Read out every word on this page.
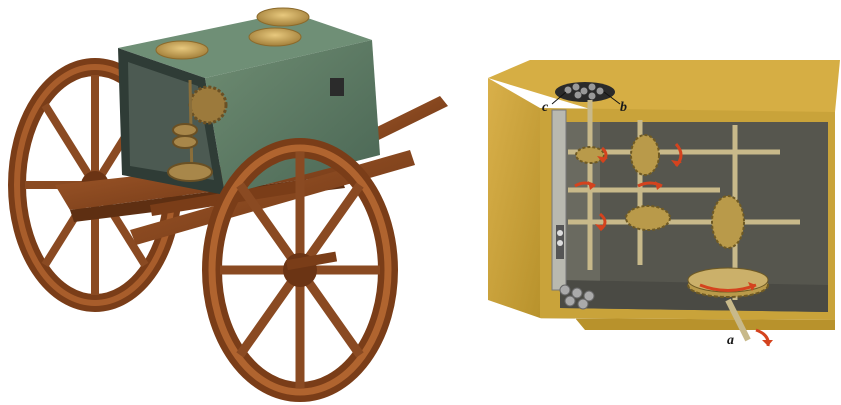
c	b
a
